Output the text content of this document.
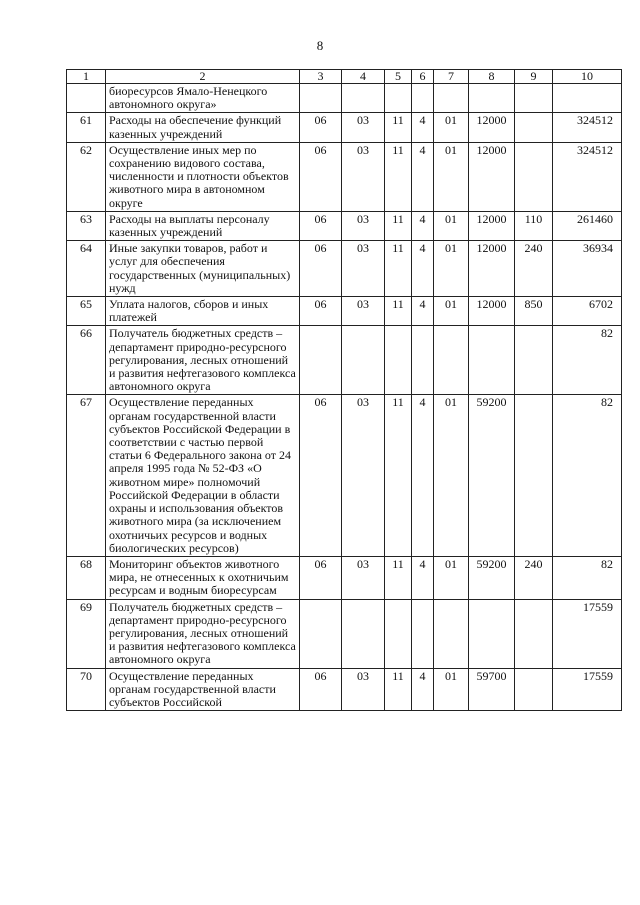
8
1	2	3	4	5	6	7	8	9	10
	биоресурсов Ямало-Ненецкого автономного округа»								
61	Расходы на обеспечение функций казенных учреждений	06	03	11	4	01	12000		324512
62	Осуществление иных мер по сохранению видового состава, численности и плотности объектов животного мира в автономном округе	06	03	11	4	01	12000		324512
63	Расходы на выплаты персоналу казенных учреждений	06	03	11	4	01	12000	110	261460
64	Иные закупки товаров, работ и услуг для обеспечения государственных (муниципальных) нужд	06	03	11	4	01	12000	240	36934
65	Уплата налогов, сборов и иных платежей	06	03	11	4	01	12000	850	6702
66	Получатель бюджетных средств – департамент природно-ресурсного регулирования, лесных отношений и развития нефтегазового комплекса автономного округа								82
67	Осуществление переданных органам государственной власти субъектов Российской Федерации в соответствии с частью первой статьи 6 Федерального закона от 24 апреля 1995 года № 52-ФЗ «О животном мире» полномочий Российской Федерации в области охраны и использования объектов животного мира (за исключением охотничьих ресурсов и водных биологических ресурсов)	06	03	11	4	01	59200		82
68	Мониторинг объектов животного мира, не отнесенных к охотничьим ресурсам и водным биоресурсам	06	03	11	4	01	59200	240	82
69	Получатель бюджетных средств – департамент природно-ресурсного регулирования, лесных отношений и развития нефтегазового комплекса автономного округа								17559
70	Осуществление переданных органам государственной власти субъектов Российской	06	03	11	4	01	59700		17559
